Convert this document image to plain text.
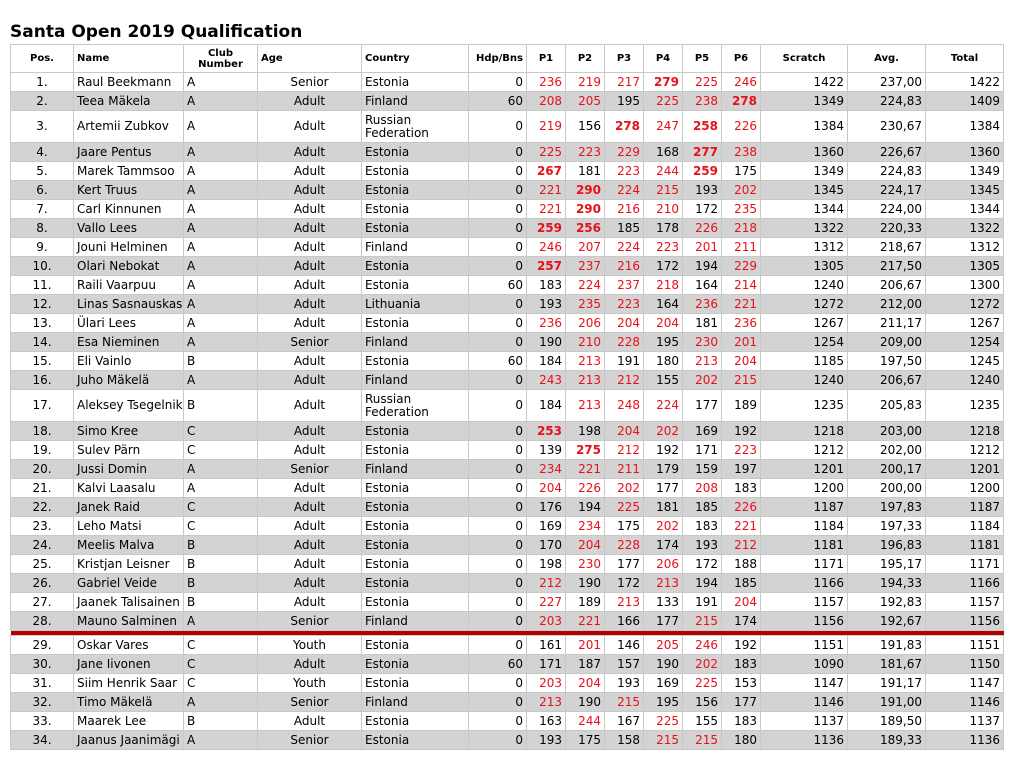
Santa Open 2019 Qualification
Pos.	Name	Club Number	Age	Country	Hdp/Bns	P1	P2	P3	P4	P5	P6	Scratch	Avg.	Total
1.	Raul Beekmann	A	Senior	Estonia	0	236	219	217	279	225	246	1422	237,00	1422
2.	Teea Mäkela	A	Adult	Finland	60	208	205	195	225	238	278	1349	224,83	1409
3.	Artemii Zubkov	A	Adult	Russian Federation	0	219	156	278	247	258	226	1384	230,67	1384
4.	Jaare Pentus	A	Adult	Estonia	0	225	223	229	168	277	238	1360	226,67	1360
5.	Marek Tammsoo	A	Adult	Estonia	0	267	181	223	244	259	175	1349	224,83	1349
6.	Kert Truus	A	Adult	Estonia	0	221	290	224	215	193	202	1345	224,17	1345
7.	Carl Kinnunen	A	Adult	Estonia	0	221	290	216	210	172	235	1344	224,00	1344
8.	Vallo Lees	A	Adult	Estonia	0	259	256	185	178	226	218	1322	220,33	1322
9.	Jouni Helminen	A	Adult	Finland	0	246	207	224	223	201	211	1312	218,67	1312
10.	Olari Nebokat	A	Adult	Estonia	0	257	237	216	172	194	229	1305	217,50	1305
11.	Raili Vaarpuu	A	Adult	Estonia	60	183	224	237	218	164	214	1240	206,67	1300
12.	Linas Sasnauskas	A	Adult	Lithuania	0	193	235	223	164	236	221	1272	212,00	1272
13.	Ülari Lees	A	Adult	Estonia	0	236	206	204	204	181	236	1267	211,17	1267
14.	Esa Nieminen	A	Senior	Finland	0	190	210	228	195	230	201	1254	209,00	1254
15.	Eli Vainlo	B	Adult	Estonia	60	184	213	191	180	213	204	1185	197,50	1245
16.	Juho Mäkelä	A	Adult	Finland	0	243	213	212	155	202	215	1240	206,67	1240
17.	Aleksey Tsegelnik	B	Adult	Russian Federation	0	184	213	248	224	177	189	1235	205,83	1235
18.	Simo Kree	C	Adult	Estonia	0	253	198	204	202	169	192	1218	203,00	1218
19.	Sulev Pärn	C	Adult	Estonia	0	139	275	212	192	171	223	1212	202,00	1212
20.	Jussi Domin	A	Senior	Finland	0	234	221	211	179	159	197	1201	200,17	1201
21.	Kalvi Laasalu	A	Adult	Estonia	0	204	226	202	177	208	183	1200	200,00	1200
22.	Janek Raid	C	Adult	Estonia	0	176	194	225	181	185	226	1187	197,83	1187
23.	Leho Matsi	C	Adult	Estonia	0	169	234	175	202	183	221	1184	197,33	1184
24.	Meelis Malva	B	Adult	Estonia	0	170	204	228	174	193	212	1181	196,83	1181
25.	Kristjan Leisner	B	Adult	Estonia	0	198	230	177	206	172	188	1171	195,17	1171
26.	Gabriel Veide	B	Adult	Estonia	0	212	190	172	213	194	185	1166	194,33	1166
27.	Jaanek Talisainen	B	Adult	Estonia	0	227	189	213	133	191	204	1157	192,83	1157
28.	Mauno Salminen	A	Senior	Finland	0	203	221	166	177	215	174	1156	192,67	1156

29.	Oskar Vares	C	Youth	Estonia	0	161	201	146	205	246	192	1151	191,83	1151
30.	Jane Iivonen	C	Adult	Estonia	60	171	187	157	190	202	183	1090	181,67	1150
31.	Siim Henrik Saar	C	Youth	Estonia	0	203	204	193	169	225	153	1147	191,17	1147
32.	Timo Mäkelä	A	Senior	Finland	0	213	190	215	195	156	177	1146	191,00	1146
33.	Maarek Lee	B	Adult	Estonia	0	163	244	167	225	155	183	1137	189,50	1137
34.	Jaanus Jaanimägi	A	Senior	Estonia	0	193	175	158	215	215	180	1136	189,33	1136
